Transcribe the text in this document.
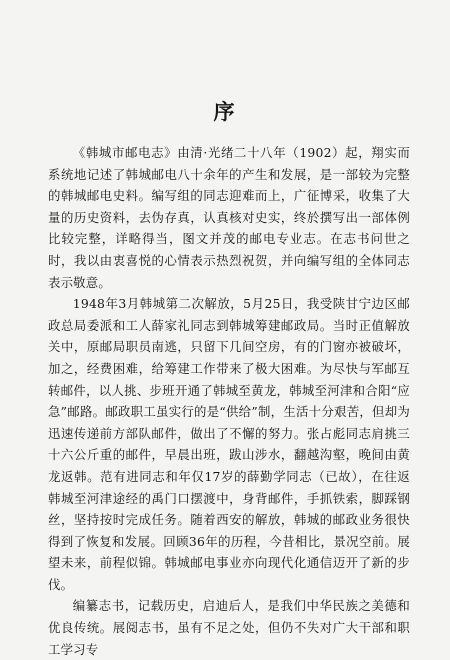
序

《韩城市邮电志》由清·光绪二十八年（1902）起，翔实而系统地记述了韩城邮电八十余年的产生和发展，是一部较为完整的韩城邮电史料。编写组的同志迎难而上，广征博采，收集了大量的历史资料，去伪存真，认真核对史实，终於撰写出一部体例比较完整，详略得当，图文并茂的邮电专业志。在志书问世之时，我以由衷喜悦的心情表示热烈祝贺，并向编写组的全体同志表示敬意。

1948年3月韩城第二次解放，5月25日，我受陕甘宁边区邮政总局委派和工人薛家礼同志到韩城筹建邮政局。当时正值解放关中，原邮局职员南逃，只留下几间空房，有的门窗亦被破坏，加之，经费困难，给筹建工作带来了极大困难。为尽快与军邮互转邮件，以人挑、步班开通了韩城至黄龙，韩城至河津和合阳“应急”邮路。邮政职工虽实行的是“供给”制，生活十分艰苦，但却为迅速传递前方部队邮件，做出了不懈的努力。张占彪同志肩挑三十六公斤重的邮件，早晨出班，跋山涉水，翻越沟壑，晚间由黄龙返韩。范有进同志和年仅17岁的薛勤学同志（已故），在往返韩城至河津途经的禹门口摆渡中，身背邮件，手抓铁索，脚踩钢丝，坚持按时完成任务。随着西安的解放，韩城的邮政业务很快得到了恢复和发展。回顾36年的历程，今昔相比，景况空前。展望未来，前程似锦。韩城邮电事业亦向现代化通信迈开了新的步伐。

编纂志书，记载历史，启迪后人，是我们中华民族之美德和优良传统。展阅志书，虽有不足之处，但仍不失对广大干部和职工学习专
